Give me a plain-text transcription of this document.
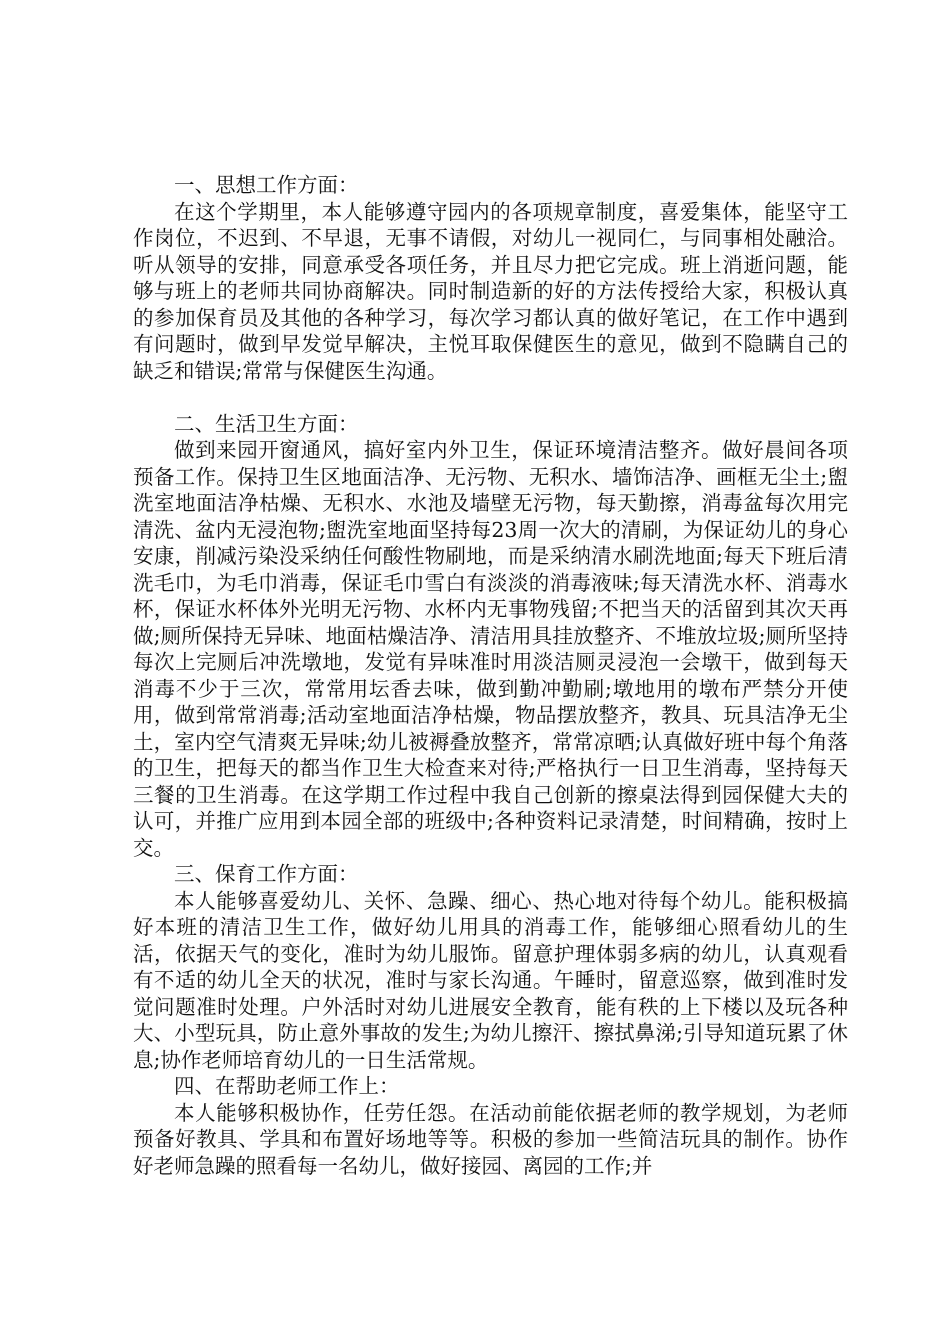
一、思想工作方面：

在这个学期里，本人能够遵守园内的各项规章制度，喜爱集体，能坚守工作岗位，不迟到、不早退，无事不请假，对幼儿一视同仁，与同事相处融洽。听从领导的安排，同意承受各项任务，并且尽力把它完成。班上消逝问题，能够与班上的老师共同协商解决。同时制造新的好的方法传授给大家，积极认真的参加保育员及其他的各种学习，每次学习都认真的做好笔记，在工作中遇到有问题时，做到早发觉早解决，主悦耳取保健医生的意见，做到不隐瞒自己的缺乏和错误;常常与保健医生沟通。

二、生活卫生方面：

做到来园开窗通风，搞好室内外卫生，保证环境清洁整齐。做好晨间各项预备工作。保持卫生区地面洁净、无污物、无积水、墙饰洁净、画框无尘土;盥洗室地面洁净枯燥、无积水、水池及墙壁无污物，每天勤擦，消毒盆每次用完清洗、盆内无浸泡物;盥洗室地面坚持每23周一次大的清刷，为保证幼儿的身心安康，削减污染没采纳任何酸性物刷地，而是采纳清水刷洗地面;每天下班后清洗毛巾，为毛巾消毒，保证毛巾雪白有淡淡的消毒液味;每天清洗水杯、消毒水杯，保证水杯体外光明无污物、水杯内无事物残留;不把当天的活留到其次天再做;厕所保持无异味、地面枯燥洁净、清洁用具挂放整齐、不堆放垃圾;厕所坚持每次上完厕后冲洗墩地，发觉有异味准时用淡洁厕灵浸泡一会墩干，做到每天消毒不少于三次，常常用坛香去味，做到勤冲勤刷;墩地用的墩布严禁分开使用，做到常常消毒;活动室地面洁净枯燥，物品摆放整齐，教具、玩具洁净无尘土，室内空气清爽无异味;幼儿被褥叠放整齐，常常凉晒;认真做好班中每个角落的卫生，把每天的都当作卫生大检查来对待;严格执行一日卫生消毒，坚持每天三餐的卫生消毒。在这学期工作过程中我自己创新的擦桌法得到园保健大夫的认可，并推广应用到本园全部的班级中;各种资料记录清楚，时间精确，按时上交。

三、保育工作方面：

本人能够喜爱幼儿、关怀、急躁、细心、热心地对待每个幼儿。能积极搞好本班的清洁卫生工作，做好幼儿用具的消毒工作，能够细心照看幼儿的生活，依据天气的变化，准时为幼儿服饰。留意护理体弱多病的幼儿，认真观看有不适的幼儿全天的状况，准时与家长沟通。午睡时，留意巡察，做到准时发觉问题准时处理。户外活时对幼儿进展安全教育，能有秩的上下楼以及玩各种大、小型玩具，防止意外事故的发生;为幼儿擦汗、擦拭鼻涕;引导知道玩累了休息;协作老师培育幼儿的一日生活常规。

四、在帮助老师工作上：

本人能够积极协作，任劳任怨。在活动前能依据老师的教学规划，为老师预备好教具、学具和布置好场地等等。积极的参加一些简洁玩具的制作。协作好老师急躁的照看每一名幼儿，做好接园、离园的工作;并
